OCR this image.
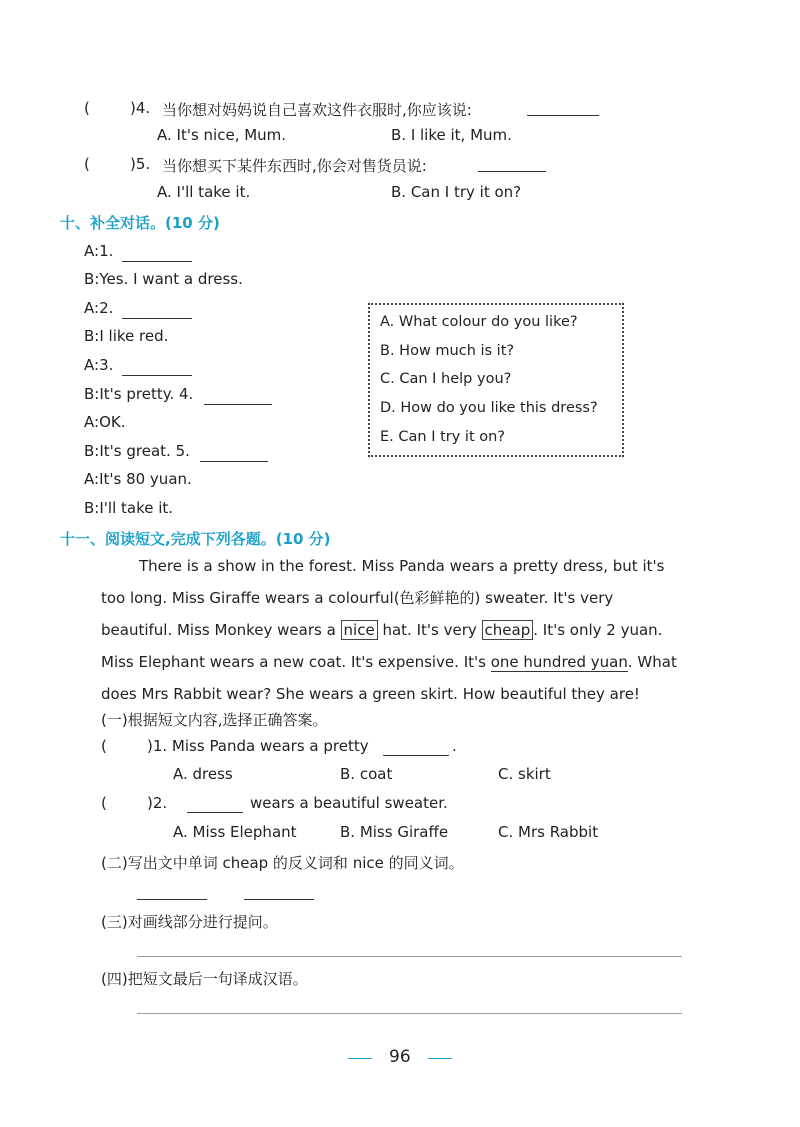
(	)4. 当你想对妈妈说自己喜欢这件衣服时,你应该说:
A. It's nice, Mum.	B. I like it, Mum.
(	)5. 当你想买下某件东西时,你会对售货员说:
A. I'll take it.	B. Can I try it on?
十、补全对话。(10 分)
A:1.
B:Yes. I want a dress.
A:2.
B:I like red.
A:3.
B:It's pretty. 4.
A:OK.
B:It's great. 5.
A:It's 80 yuan.
B:I'll take it.
A. What colour do you like?
B. How much is it?
C. Can I help you?
D. How do you like this dress?
E. Can I try it on?
十一、阅读短文,完成下列各题。(10 分)
There is a show in the forest. Miss Panda wears a pretty dress, but it's too long. Miss Giraffe wears a colourful(色彩鲜艳的) sweater. It's very beautiful. Miss Monkey wears a nice hat. It's very cheap . It's only 2 yuan. Miss Elephant wears a new coat. It's expensive. It's one hundred yuan. What does Mrs Rabbit wear? She wears a green skirt. How beautiful they are!
(一)根据短文内容,选择正确答案。
(	)1. Miss Panda wears a pretty	.
A. dress	B. coat	C. skirt
(	)2.	wears a beautiful sweater.
A. Miss Elephant	B. Miss Giraffe	C. Mrs Rabbit
(二)写出文中单词 cheap 的反义词和 nice 的同义词。
(三)对画线部分进行提问。
(四)把短文最后一句译成汉语。
96
